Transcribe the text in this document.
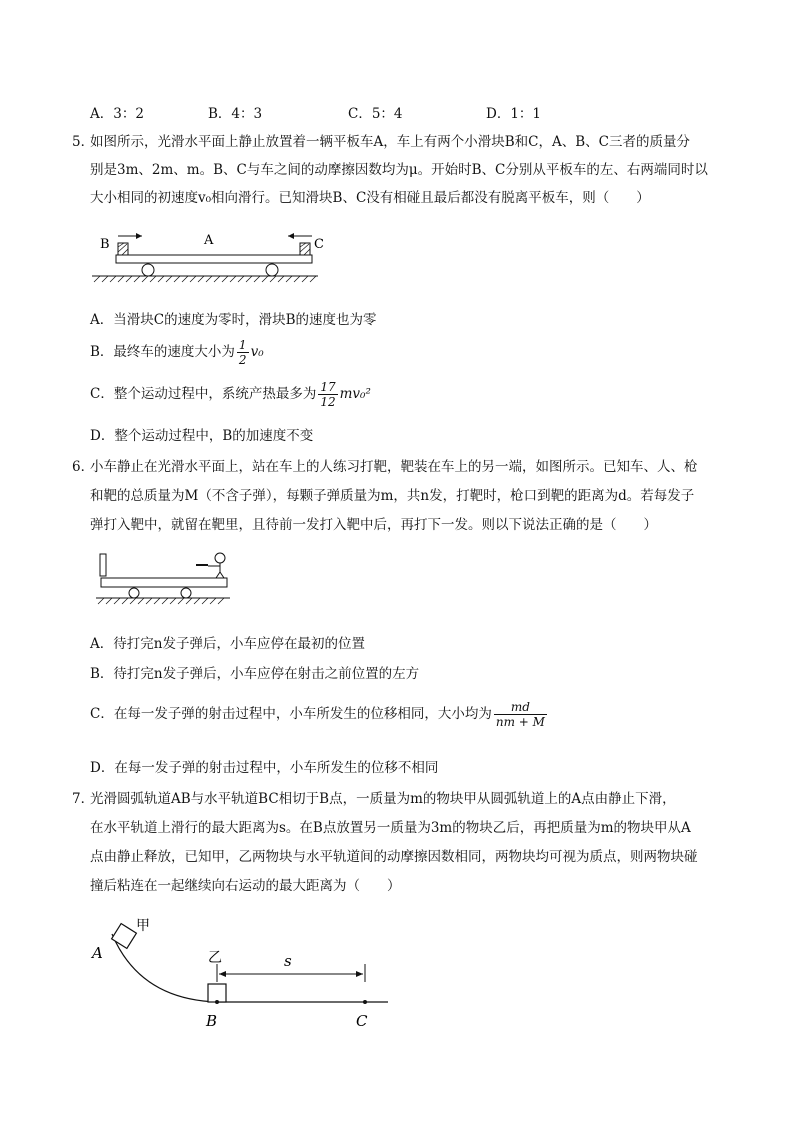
A．3：2	B．4：3	C．5：4	D．1：1
5．
如图所示，光滑水平面上静止放置着一辆平板车A，车上有两个小滑块B和C，A、B、C三者的质量分
别是3m、2m、m。B、C与车之间的动摩擦因数均为μ。开始时B、C分别从平板车的左、右两端同时以
大小相同的初速度v₀相向滑行。已知滑块B、C没有相碰且最后都没有脱离平板车，则（　　）
B	A	C
A．当滑块C的速度为零时，滑块B的速度也为零
B．最终车的速度大小为 $\frac{1}{2} v_0$
C．整个运动过程中，系统产热最多为 $\frac{17}{12} mv_0^2$
D．整个运动过程中，B的加速度不变
6．
小车静止在光滑水平面上，站在车上的人练习打靶，靶装在车上的另一端，如图所示。已知车、人、枪
和靶的总质量为M（不含子弹），每颗子弹质量为m，共n发，打靶时，枪口到靶的距离为d。若每发子
弹打入靶中，就留在靶里，且待前一发打入靶中后，再打下一发。则以下说法正确的是（　　）
A．待打完n发子弹后，小车应停在最初的位置
B．待打完n发子弹后，小车应停在射击之前位置的左方
C．在每一发子弹的射击过程中，小车所发生的位移相同，大小均为 $\frac{md}{nm + M}$
D．在每一发子弹的射击过程中，小车所发生的位移不相同
7．
光滑圆弧轨道AB与水平轨道BC相切于B点，一质量为m的物块甲从圆弧轨道上的A点由静止下滑，
在水平轨道上滑行的最大距离为s。在B点放置另一质量为3m的物块乙后，再把质量为m的物块甲从A
点由静止释放，已知甲，乙两物块与水平轨道间的动摩擦因数相同，两物块均可视为质点，则两物块碰
撞后粘连在一起继续向右运动的最大距离为（　　）
甲
A	乙	s
B	C
